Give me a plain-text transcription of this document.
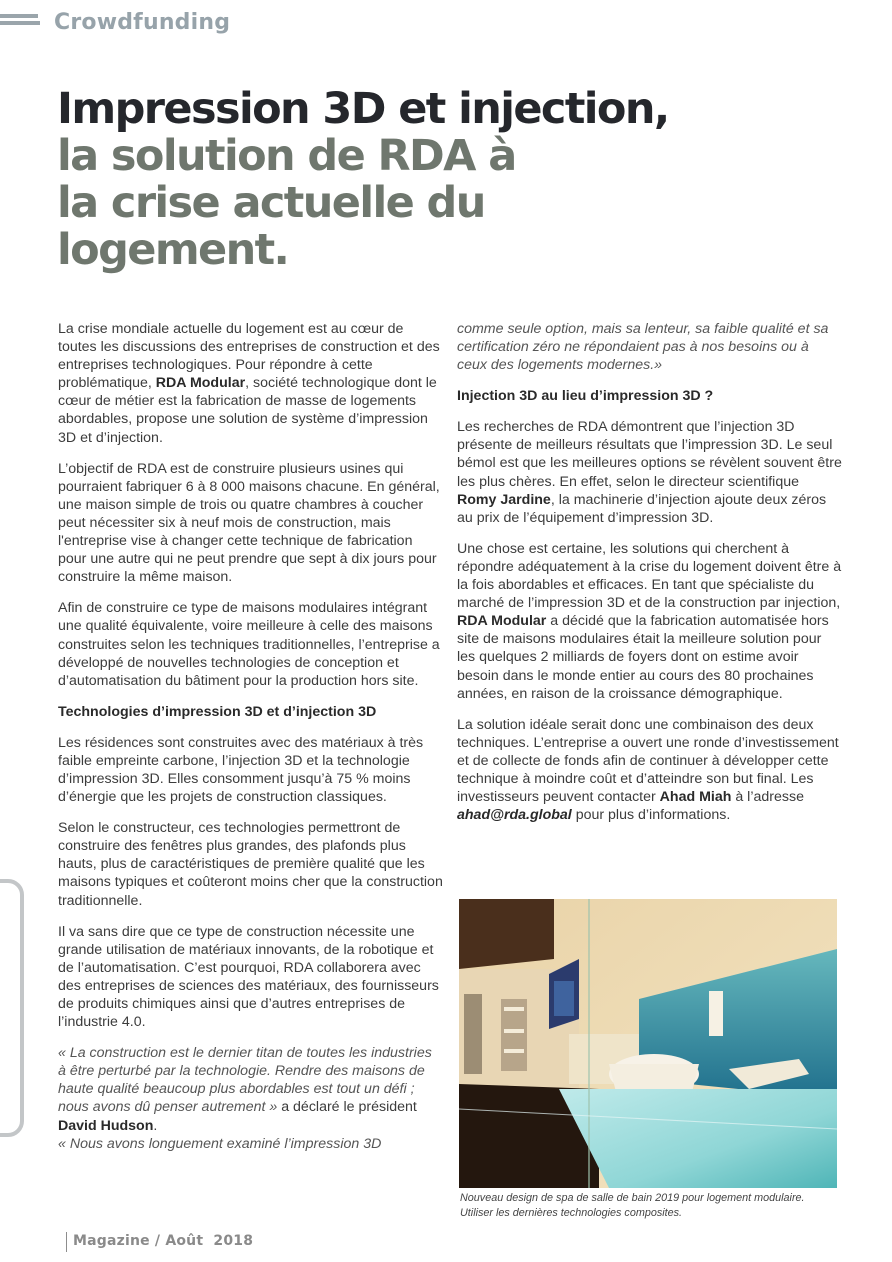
Crowdfunding
Impression 3D et injection,
la solution de RDA à
la crise actuelle du
logement.

La crise mondiale actuelle du logement est au cœur de toutes les discussions des entreprises de construction et des entreprises technologiques. Pour répondre à cette problématique, RDA Modular, société technologique dont le cœur de métier est la fabrication de masse de logements abordables, propose une solution de système d’impression 3D et d’injection.

L’objectif de RDA est de construire plusieurs usines qui pourraient fabriquer 6 à 8 000 maisons chacune. En général, une maison simple de trois ou quatre chambres à coucher peut nécessiter six à neuf mois de construction, mais l'entreprise vise à changer cette technique de fabrication pour une autre qui ne peut prendre que sept à dix jours pour construire la même maison.

Afin de construire ce type de maisons modulaires intégrant une qualité équivalente, voire meilleure à celle des maisons construites selon les techniques traditionnelles, l’entreprise a développé de nouvelles technologies de conception et d’automatisation du bâtiment pour la production hors site.

Technologies d’impression 3D et d’injection 3D

Les résidences sont construites avec des matériaux à très faible empreinte carbone, l’injection 3D et la technologie d’impression 3D. Elles consomment jusqu’à 75 % moins d’énergie que les projets de construction classiques.

Selon le constructeur, ces technologies permettront de construire des fenêtres plus grandes, des plafonds plus hauts, plus de caractéristiques de première qualité que les maisons typiques et coûteront moins cher que la construction traditionnelle.

Il va sans dire que ce type de construction nécessite une grande utilisation de matériaux innovants, de la robotique et de l’automatisation. C’est pourquoi, RDA collaborera avec des entreprises de sciences des matériaux, des fournisseurs de produits chimiques ainsi que d’autres entreprises de l’industrie 4.0.

« La construction est le dernier titan de toutes les industries à être perturbé par la technologie. Rendre des maisons de haute qualité beaucoup plus abordables est tout un défi ; nous avons dû penser autrement » a déclaré le président David Hudson.
« Nous avons longuement examiné l’impression 3D

comme seule option, mais sa lenteur, sa faible qualité et sa certification zéro ne répondaient pas à nos besoins ou à ceux des logements modernes.»

Injection 3D au lieu d’impression 3D ?

Les recherches de RDA démontrent que l’injection 3D présente de meilleurs résultats que l’impression 3D. Le seul bémol est que les meilleures options se révèlent souvent être les plus chères. En effet, selon le directeur scientifique Romy Jardine, la machinerie d’injection ajoute deux zéros au prix de l’équipement d’impression 3D.

Une chose est certaine, les solutions qui cherchent à répondre adéquatement à la crise du logement doivent être à la fois abordables et efficaces. En tant que spécialiste du marché de l’impression 3D et de la construction par injection, RDA Modular a décidé que la fabrication automatisée hors site de maisons modulaires était la meilleure solution pour les quelques 2 milliards de foyers dont on estime avoir besoin dans le monde entier au cours des 80 prochaines années, en raison de la croissance démographique.

La solution idéale serait donc une combinaison des deux techniques. L’entreprise a ouvert une ronde d’investissement et de collecte de fonds afin de continuer à développer cette technique à moindre coût et d’atteindre son but final. Les investisseurs peuvent contacter Ahad Miah à l’adresse ahad@rda.global pour plus d’informations.

Nouveau design de spa de salle de bain 2019 pour logement modulaire. Utiliser les dernières technologies composites.
Magazine / Août  2018
